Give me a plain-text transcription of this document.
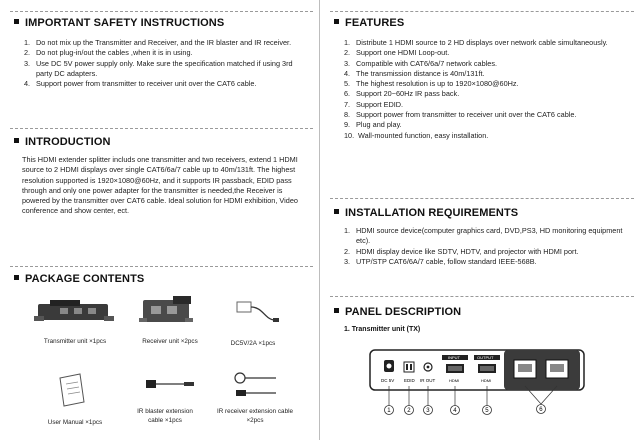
IMPORTANT SAFETY INSTRUCTIONS
1. Do not mix up the Transmitter and Receiver, and the IR blaster and IR receiver.
2. Do not plug-in/out the cables ,when it is in using.
3. Use DC 5V power supply only. Make sure the specification matched if using 3rd party DC adapters.
4. Support power from transmitter to receiver unit over the CAT6 cable.
INTRODUCTION
This HDMI extender splitter includs one transmitter and two receivers, extend 1 HDMI source to 2 HDMI displays over single CAT6/6a/7 cable up to 40m/131ft. The highest resolution supported is 1920×1080@60Hz, and it supports IR passback, EDID pass through and only one power adapter for the transmitter is needed,the Receiver is powered by the transmitter over CAT6 cable. Ideal solution for HDMI exhibition, Video conference and show center, ect.
PACKAGE CONTENTS
Transmitter unit ×1pcs	Receiver unit ×2pcs	DC5V/2A ×1pcs
User Manual ×1pcs
IR blaster extension cable ×1pcs
IR receiver extension cable ×2pcs
FEATURES
1. Distribute 1 HDMI source to 2 HD displays over network cable simultaneously.
2. Support one HDMI Loop-out.
3. Compatible with CAT6/6a/7 network cables.
4. The transmission distance is 40m/131ft.
5. The highest resolution is up to 1920×1080@60Hz.
6. Support 20~60Hz IR pass back.
7. Support EDID.
8. Support power from transmitter to receiver unit over the CAT6 cable.
9. Plug and play.
10. Wall-mounted function, easy installation.
INSTALLATION REQUIREMENTS
1. HDMI source device(computer graphics card, DVD,PS3, HD monitoring equipment etc).
2. HDMI display device like SDTV, HDTV, and projector with HDMI port.
3. UTP/STP CAT6/6A/7 cable, follow standard IEEE-568B.
PANEL DESCRIPTION
1. Transmitter unit (TX)
DC 5V EDID IR OUT
INPUT
HDMI
OUTPUT
HDMI
1	2	3	4	5	6
